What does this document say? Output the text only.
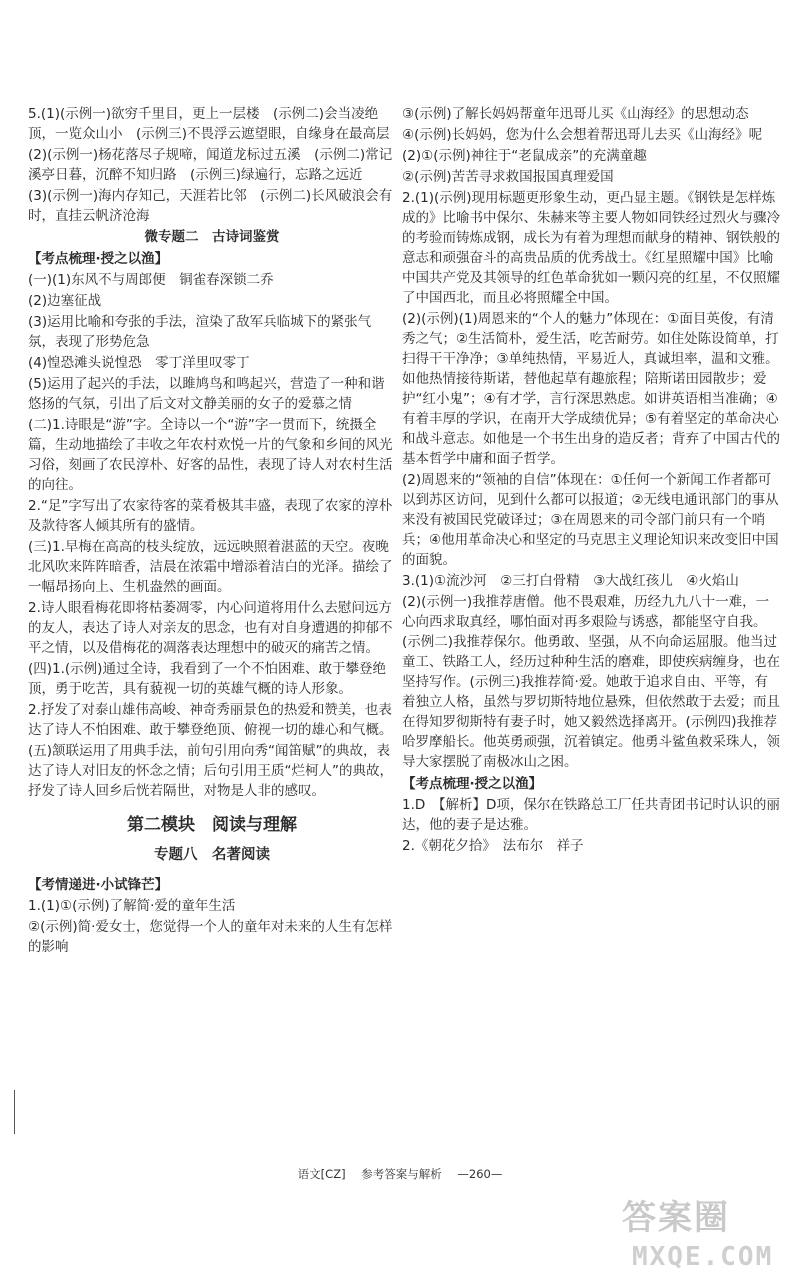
5.(1)(示例一)欲穷千里目，更上一层楼　(示例二)会当凌绝顶，一览众山小　(示例三)不畏浮云遮望眼，自缘身在最高层
(2)(示例一)杨花落尽子规啼，闻道龙标过五溪　(示例二)常记溪亭日暮，沉醉不知归路　(示例三)绿遍行，忘路之远近
(3)(示例一)海内存知己，天涯若比邻　(示例二)长风破浪会有时，直挂云帆济沧海
微专题二　古诗词鉴赏
【考点梳理·授之以渔】
(一)(1)东风不与周郎便　铜雀春深锁二乔
(2)边塞征战
(3)运用比喻和夸张的手法，渲染了敌军兵临城下的紧张气氛，表现了形势危急
(4)惶恐滩头说惶恐　零丁洋里叹零丁
(5)运用了起兴的手法，以雎鸠鸟和鸣起兴，营造了一种和谐悠扬的气氛，引出了后文对文静美丽的女子的爱慕之情
(二)1.诗眼是“游”字。全诗以一个“游”字一贯而下，统摄全篇，生动地描绘了丰收之年农村欢悦一片的气象和乡间的风光习俗，刻画了农民淳朴、好客的品性，表现了诗人对农村生活的向往。
2.“足”字写出了农家待客的菜肴极其丰盛，表现了农家的淳朴及款待客人倾其所有的盛情。
(三)1.早梅在高高的枝头绽放，远远映照着湛蓝的天空。夜晚北风吹来阵阵暗香，洁晨在浓霜中增添着洁白的光泽。描绘了一幅昂扬向上、生机盎然的画面。
2.诗人眼看梅花即将枯萎凋零，内心问道将用什么去慰问远方的友人，表达了诗人对亲友的思念，也有对自身遭遇的抑郁不平之情，以及借梅花的凋落表达理想中的破灭的痛苦之情。
(四)1.(示例)通过全诗，我看到了一个不怕困难、敢于攀登绝顶，勇于吃苦，具有藐视一切的英雄气概的诗人形象。
2.抒发了对泰山雄伟高峻、神奇秀丽景色的热爱和赞美，也表达了诗人不怕困难、敢于攀登绝顶、俯视一切的雄心和气概。
(五)颔联运用了用典手法，前句引用向秀“闻笛赋”的典故，表达了诗人对旧友的怀念之情；后句引用王质“烂柯人”的典故，抒发了诗人回乡后恍若隔世，对物是人非的感叹。
第二模块　阅读与理解
专题八　名著阅读
【考情递进·小试锋芒】
1.(1)①(示例)了解简·爱的童年生活
②(示例)简·爱女士，您觉得一个人的童年对未来的人生有怎样的影响
③(示例)了解长妈妈帮童年迅哥儿买《山海经》的思想动态
④(示例)长妈妈，您为什么会想着帮迅哥儿去买《山海经》呢
(2)①(示例)神往于“老鼠成亲”的充满童趣
②(示例)苦苦寻求救国报国真理爱国
2.(1)(示例)现用标题更形象生动，更凸显主题。《钢铁是怎样炼成的》比喻书中保尔、朱赫来等主要人物如同铁经过烈火与骤冷的考验而铸炼成钢，成长为有着为理想而献身的精神、钢铁般的意志和顽强奋斗的高贵品质的优秀战士。《红星照耀中国》比喻中国共产党及其领导的红色革命犹如一颗闪亮的红星，不仅照耀了中国西北，而且必将照耀全中国。
(2)(示例)(1)周恩来的“个人的魅力”体现在：①面目英俊，有清秀之气；②生活简朴，爱生活，吃苦耐劳。如住处陈设简单，打扫得干干净净；③单纯热情，平易近人，真诚坦率，温和文雅。如他热情接待斯诺，替他起草有趣旅程；陪斯诺田园散步；爱护“红小鬼”；④有才学，言行深思熟虑。如讲英语相当准确；④有着丰厚的学识，在南开大学成绩优异；⑤有着坚定的革命决心和战斗意志。如他是一个书生出身的造反者；背弃了中国古代的基本哲学中庸和面子哲学。
(2)周恩来的“领袖的自信”体现在：①任何一个新闻工作者都可以到苏区访问，见到什么都可以报道；②无线电通讯部门的事从来没有被国民党破译过；③在周恩来的司令部门前只有一个哨兵；④他用革命决心和坚定的马克思主义理论知识来改变旧中国的面貌。
3.(1)①流沙河　②三打白骨精　③大战红孩儿　④火焰山
(2)(示例一)我推荐唐僧。他不畏艰难，历经九九八十一难，一心向西求取真经，哪怕面对再多艰险与诱惑，都能坚守自我。(示例二)我推荐保尔。他勇敢、坚强，从不向命运屈服。他当过童工、铁路工人，经历过种种生活的磨难，即使疾病缠身，也在坚持写作。(示例三)我推荐简·爱。她敢于追求自由、平等，有着独立人格，虽然与罗切斯特地位悬殊，但依然敢于去爱；而且在得知罗彻斯特有妻子时，她又毅然选择离开。(示例四)我推荐哈罗摩船长。他英勇顽强，沉着镇定。他勇斗鲨鱼救采珠人，领导大家摆脱了南极冰山之困。
【考点梳理·授之以渔】
1.D　【解析】D项，保尔在铁路总工厂任共青团书记时认识的丽达，他的妻子是达雅。
2.《朝花夕拾》　法布尔　祥子
语文[CZ] 参考答案与解析 —260—
答案圈
MXQE.COM
